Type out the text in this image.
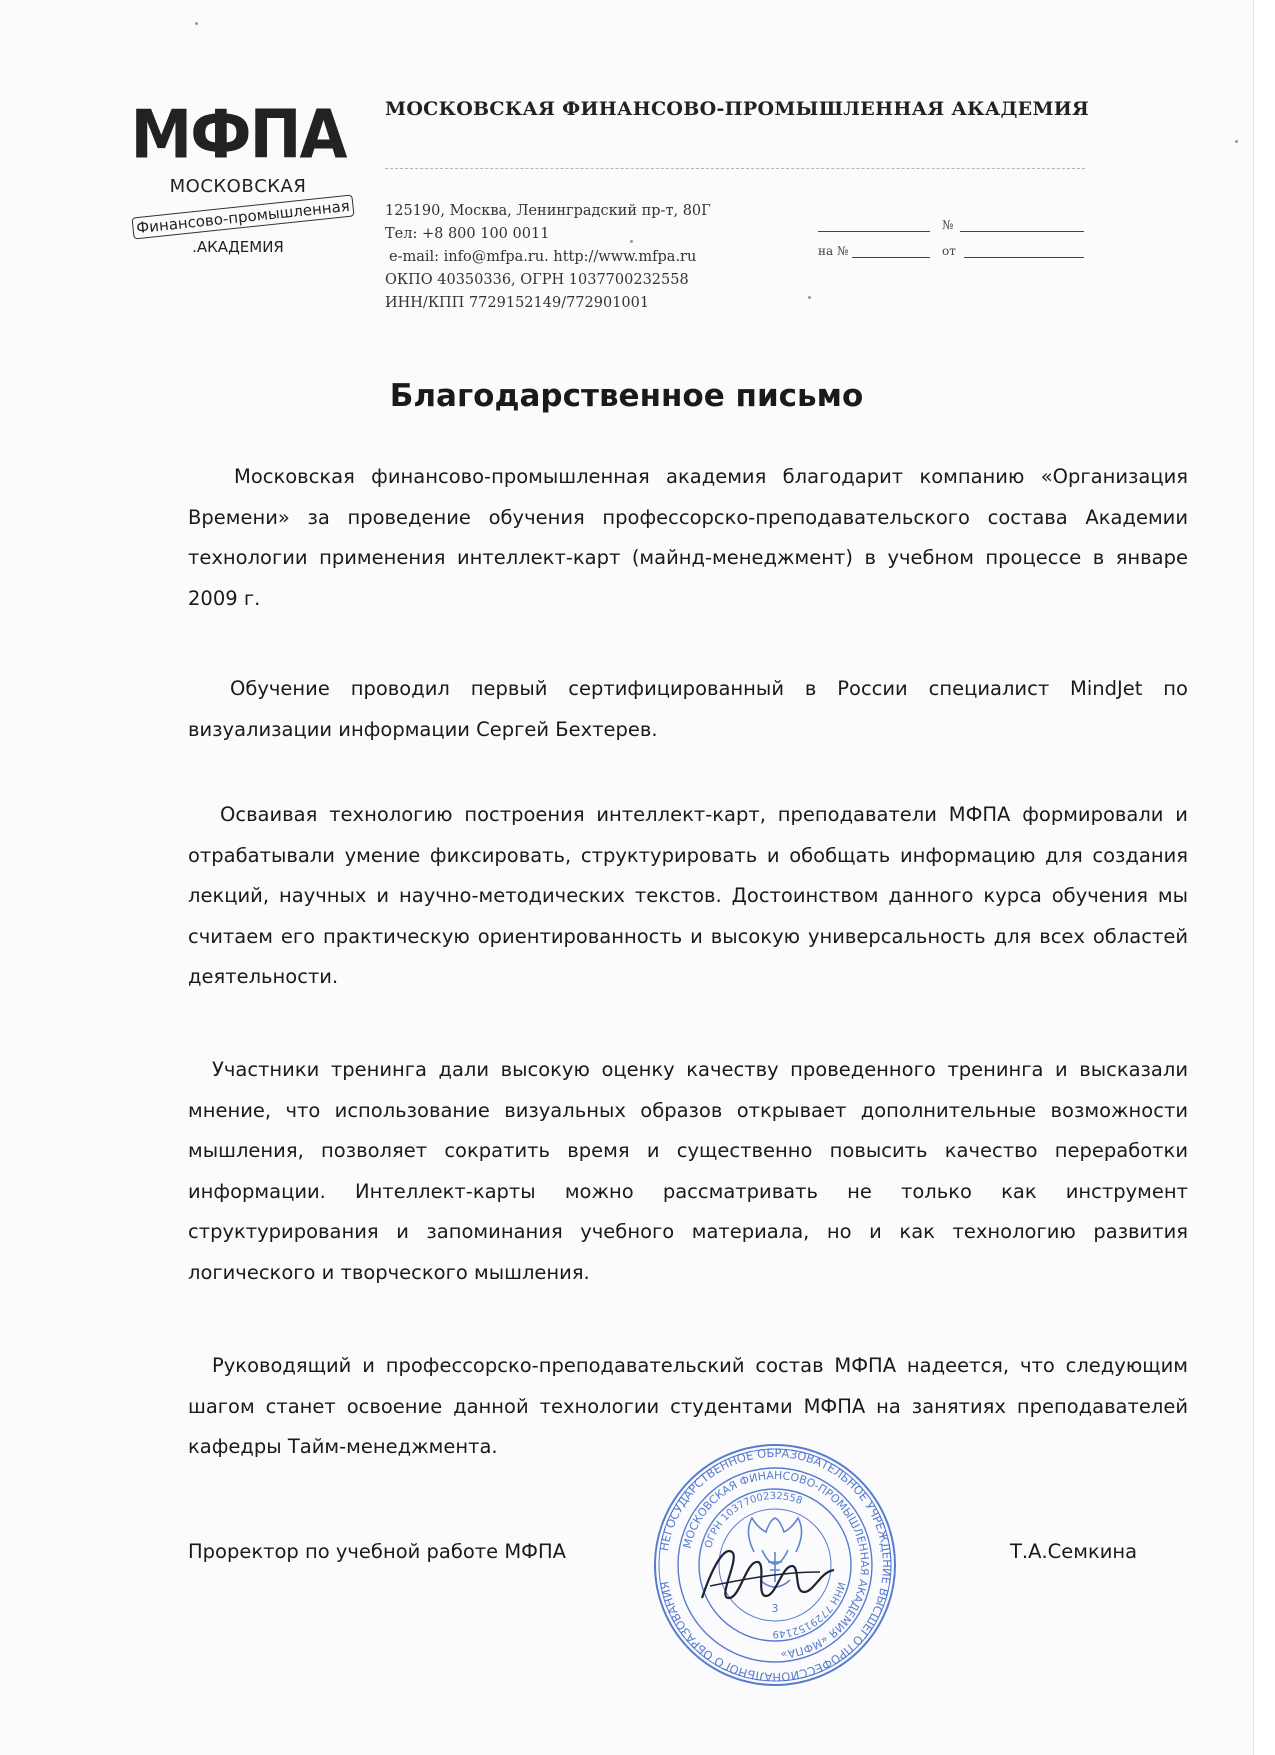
МФПА
МОСКОВСКАЯ
Финансово-промышленная
.АКАДЕМИЯ
МОСКОВСКАЯ ФИНАНСОВО-ПРОМЫШЛЕННАЯ АКАДЕМИЯ
125190, Москва, Ленинградский пр-т, 80Г
Тел: +8 800 100 0011
e-mail: info@mfpa.ru. http://www.mfpa.ru
ОКПО 40350336, ОГРН 1037700232558
ИНН/КПП 7729152149/772901001
№
на №	от
Благодарственное письмо

Московская финансово-промышленная академия благодарит компанию «Организация Времени» за проведение обучения профессорско-преподавательского состава Академии технологии применения интеллект-карт (майнд-менеджмент) в учебном процессе в январе 2009 г.

Обучение проводил первый сертифицированный в России специалист MindJet по визуализации информации Сергей Бехтерев.

Осваивая технологию построения интеллект-карт, преподаватели МФПА формировали и отрабатывали умение фиксировать, структурировать и обобщать информацию для создания лекций, научных и научно-методических текстов. Достоинством данного курса обучения мы считаем его практическую ориентированность и высокую универсальность для всех областей деятельности.

Участники тренинга дали высокую оценку качеству проведенного тренинга и высказали мнение, что использование визуальных образов открывает дополнительные возможности мышления, позволяет сократить время и существенно повысить качество переработки информации. Интеллект-карты можно рассматривать не только как инструмент структурирования и запоминания учебного материала, но и как технологию развития логического и творческого мышления.

Руководящий и профессорско-преподавательский состав МФПА надеется, что следующим шагом станет освоение данной технологии студентами МФПА на занятиях преподавателей кафедры Тайм-менеджмента.

Проректор по учебной работе МФПА	Т.А.Семкина
НЕГОСУДАРСТВЕННОЕ ОБРАЗОВАТЕЛЬНОЕ УЧРЕЖДЕНИЕ ВЫСШЕГО ПРОФЕССИОНАЛЬНОГО ОБРАЗОВАНИЯ
МОСКОВСКАЯ ФИНАНСОВО-ПРОМЫШЛЕННАЯ АКАДЕМИЯ «МФПА»
ОГРН 1037700232558
ИНН 7729152149
3
